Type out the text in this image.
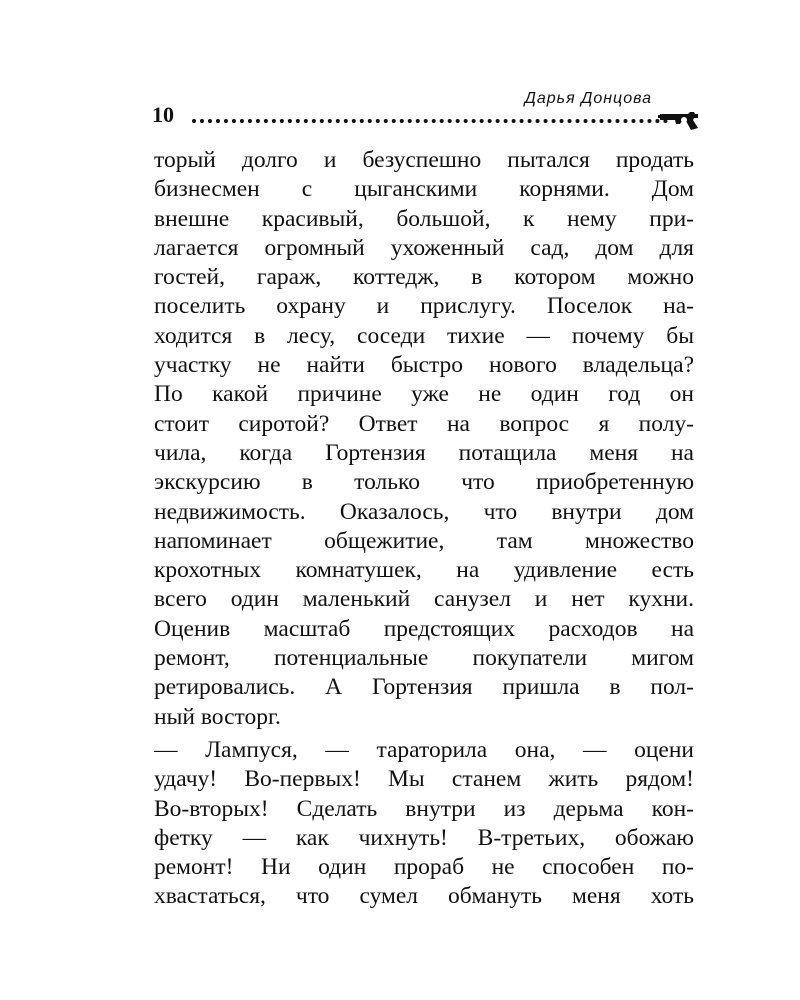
Дарья Донцова
10
торый долго и безуспешно пытался продать
бизнесмен с цыганскими корнями. Дом
внешне красивый, большой, к нему при-
лагается огромный ухоженный сад, дом для
гостей, гараж, коттедж, в котором можно
поселить охрану и прислугу. Поселок на-
ходится в лесу, соседи тихие — почему бы
участку не найти быстро нового владельца?
По какой причине уже не один год он
стоит сиротой? Ответ на вопрос я полу-
чила, когда Гортензия потащила меня на
экскурсию в только что приобретенную
недвижимость. Оказалось, что внутри дом
напоминает общежитие, там множество
крохотных комнатушек, на удивление есть
всего один маленький санузел и нет кухни.
Оценив масштаб предстоящих расходов на
ремонт, потенциальные покупатели мигом
ретировались. А Гортензия пришла в пол-
ный восторг.
— Лампуся, — тараторила она, — оцени
удачу! Во-первых! Мы станем жить рядом!
Во-вторых! Сделать внутри из дерьма кон-
фетку — как чихнуть! В-третьих, обожаю
ремонт! Ни один прораб не способен по-
хвастаться, что сумел обмануть меня хоть
